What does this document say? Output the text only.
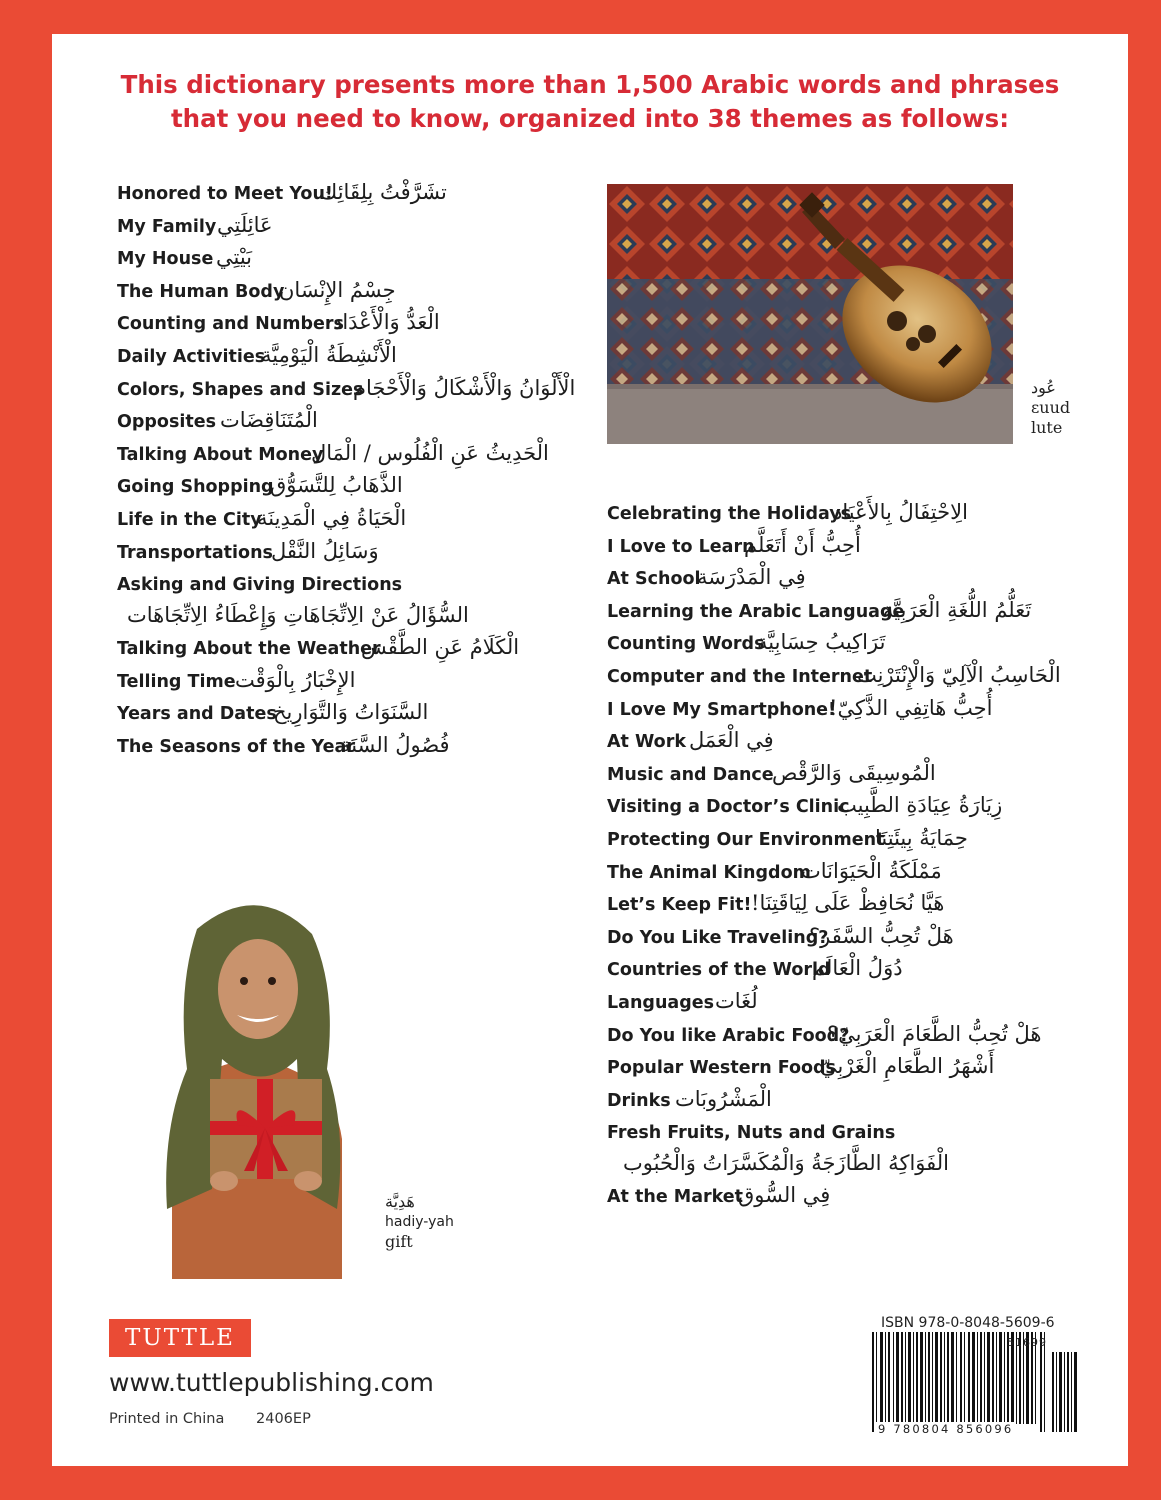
This dictionary presents more than 1,500 Arabic words and phrases
that you need to know, organized into 38 themes as follows:
Honored to Meet You!
تشَرَّفْتُ بِلِقَائِك
My Family عَائِلَتِي
My House بَيْتِي
The Human Body
جِسْمُ الإِنْسَان
Counting and Numbers
الْعَدُّ وَالْأَعْدَاد
Daily Activities
الْأَنْشِطَةُ الْيَوْمِيَّة
Colors, Shapes and Sizes
الْأَلْوَانُ وَالْأَشْكَالُ وَالْأَحْجَام
Opposites الْمُتَنَاقِضَات
Talking About Money
الْحَدِيثُ عَنِ الْفُلُوس / الْمَال
Going Shopping
الذَّهَابُ لِلتَّسَوُّق
Life in the City
الْحَيَاةُ فِي الْمَدِينَة
Transportations
وَسَائِلُ النَّقْل
Asking and Giving Directions
السُّؤَالُ عَنْ الِاتِّجَاهَاتِ وَإِعْطَاءُ الِاتِّجَاهَات
Talking About the Weather
الْكَلَامُ عَنِ الطَّقْس
Telling Time الإِخْبَارُ بِالْوَقْت
Years and Dates
السَّنَوَاتُ وَالتَّوَارِيخ
The Seasons of the Year
فُصُولُ السَّنَة
عُود
ɛuud
lute
Celebrating the Holidays
الِاحْتِفَالُ بِالأَعْيَاد
I Love to Learn
أُحِبُّ أَنْ أَتَعَلَّم
At School
فِي الْمَدْرَسَة
Learning the Arabic Language
تَعَلُّمُ اللُّغَةِ الْعَرَبِيَّة
Counting Words
تَرَاكِيبُ حِسَابِيَّة
Computer and the Internet
الْحَاسِبُ الْآلِيّ وَالْإِنْتَرْنِت
I Love My Smartphone!
أُحِبُّ هَاتِفِي الذَّكِيّ!
At Work فِي الْعَمَل
Music and Dance
الْمُوسِيقَى وَالرَّقْص
Visiting a Doctor’s Clinic
زِيَارَةُ عِيَادَةِ الطَّبِيب
Protecting Our Environment
حِمَايَةُ بِيئَتِنَا
The Animal Kingdom
مَمْلَكَةُ الْحَيَوَانَات
Let’s Keep Fit! هَيَّا نُحَافِظْ عَلَى لِيَاقَتِنَا!
Do You Like Traveling?
هَلْ تُحِبُّ السَّفَر؟
Countries of the World
دُوَلُ الْعَالَم
Languages لُغَات
Do You like Arabic Food?
هَلْ تُحِبُّ الطَّعَامَ الْعَرَبِيّ؟
Popular Western Foods
أَشْهَرُ الطَّعَامِ الْغَرْبِيّ
Drinks الْمَشْرُوبَات
Fresh Fruits, Nuts and Grains
الْفَوَاكِهُ الطَّازَجَةُ وَالْمُكَسَّرَاتُ وَالْحُبُوب
At the Market
فِي السُّوق
هَدِيَّة
hadiy-yah
gift
TUTTLE
www.tuttlepublishing.com
Printed in China 2406EP
ISBN 978-0-8048-5609-6
51699
9 780804 856096
